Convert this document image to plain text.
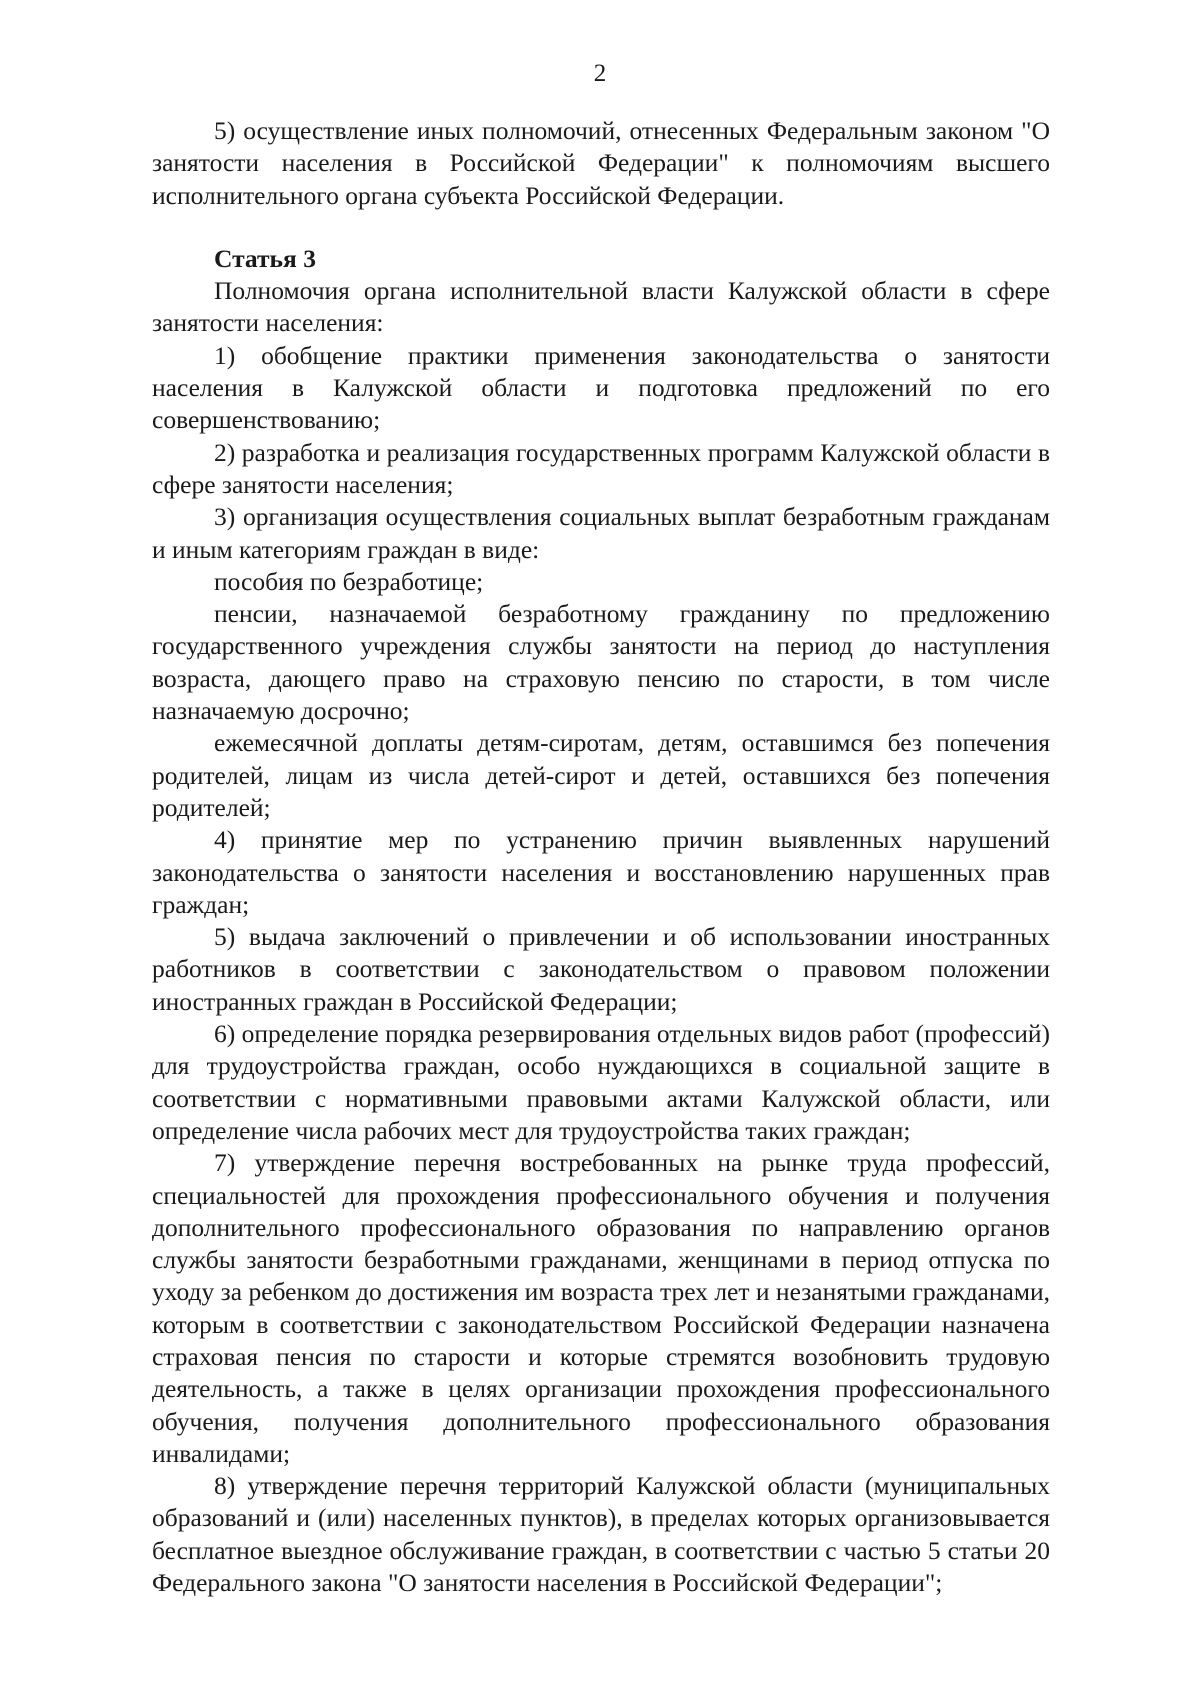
2

5) осуществление иных полномочий, отнесенных Федеральным законом "О занятости населения в Российской Федерации" к полномочиям высшего исполнительного органа субъекта Российской Федерации.

Статья 3

Полномочия органа исполнительной власти Калужской области в сфере занятости населения:

1) обобщение практики применения законодательства о занятости населения в Калужской области и подготовка предложений по его совершенствованию;

2) разработка и реализация государственных программ Калужской области в сфере занятости населения;

3) организация осуществления социальных выплат безработным гражданам и иным категориям граждан в виде:

пособия по безработице;

пенсии, назначаемой безработному гражданину по предложению государственного учреждения службы занятости на период до наступления возраста, дающего право на страховую пенсию по старости, в том числе назначаемую досрочно;

ежемесячной доплаты детям-сиротам, детям, оставшимся без попечения родителей, лицам из числа детей-сирот и детей, оставшихся без попечения родителей;

4) принятие мер по устранению причин выявленных нарушений законодательства о занятости населения и восстановлению нарушенных прав граждан;

5) выдача заключений о привлечении и об использовании иностранных работников в соответствии с законодательством о правовом положении иностранных граждан в Российской Федерации;

6) определение порядка резервирования отдельных видов работ (профессий) для трудоустройства граждан, особо нуждающихся в социальной защите в соответствии с нормативными правовыми актами Калужской области, или определение числа рабочих мест для трудоустройства таких граждан;

7) утверждение перечня востребованных на рынке труда профессий, специальностей для прохождения профессионального обучения и получения дополнительного профессионального образования по направлению органов службы занятости безработными гражданами, женщинами в период отпуска по уходу за ребенком до достижения им возраста трех лет и незанятыми гражданами, которым в соответствии с законодательством Российской Федерации назначена страховая пенсия по старости и которые стремятся возобновить трудовую деятельность, а также в целях организации прохождения профессионального обучения, получения дополнительного профессионального образования инвалидами;

8) утверждение перечня территорий Калужской области (муниципальных образований и (или) населенных пунктов), в пределах которых организовывается бесплатное выездное обслуживание граждан, в соответствии с частью 5 статьи 20 Федерального закона "О занятости населения в Российской Федерации";
